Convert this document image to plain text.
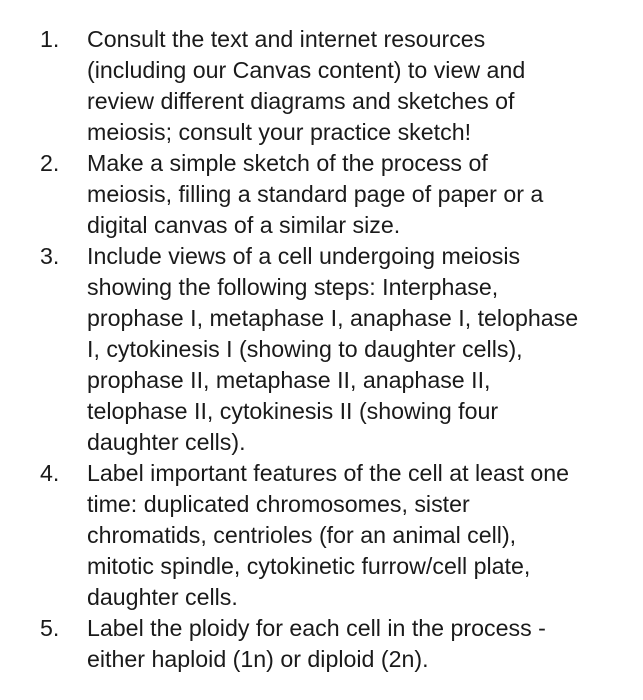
1.	Consult the text and internet resources
(including our Canvas content) to view and
review different diagrams and sketches of
meiosis; consult your practice sketch!
2.	Make a simple sketch of the process of
meiosis, filling a standard page of paper or a
digital canvas of a similar size.
3.	Include views of a cell undergoing meiosis
showing the following steps: Interphase,
prophase I, metaphase I, anaphase I, telophase
I, cytokinesis I (showing to daughter cells),
prophase II, metaphase II, anaphase II,
telophase II, cytokinesis II (showing four
daughter cells).
4.	Label important features of the cell at least one
time: duplicated chromosomes, sister
chromatids, centrioles (for an animal cell),
mitotic spindle, cytokinetic furrow/cell plate,
daughter cells.
5.	Label the ploidy for each cell in the process -
either haploid (1n) or diploid (2n).
